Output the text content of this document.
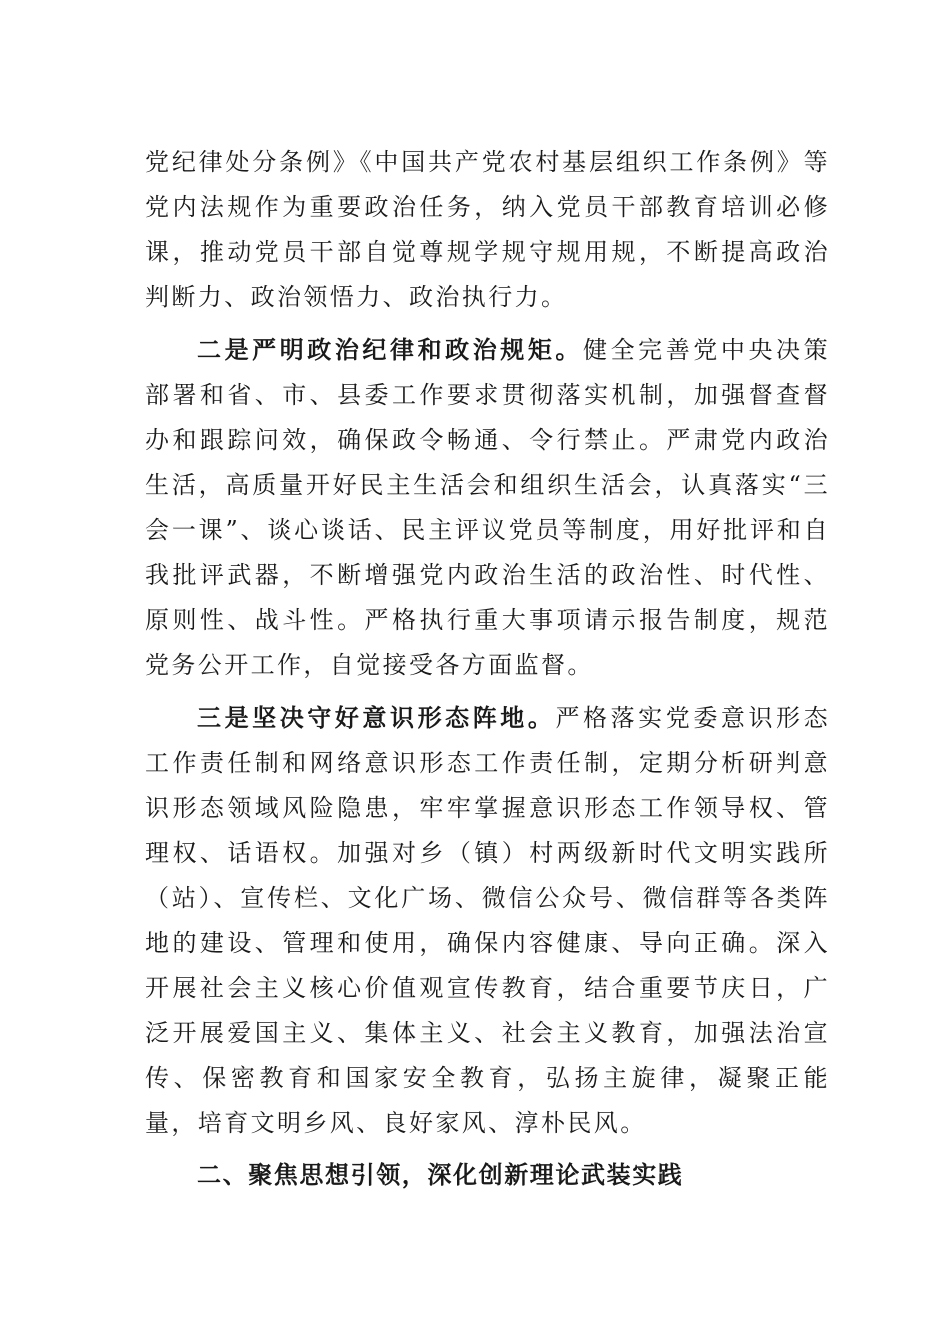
党纪律处分条例》《中国共产党农村基层组织工作条例》等党内法规作为重要政治任务，纳入党员干部教育培训必修课，推动党员干部自觉尊规学规守规用规，不断提高政治判断力、政治领悟力、政治执行力。

二是严明政治纪律和政治规矩。健全完善党中央决策部署和省、市、县委工作要求贯彻落实机制，加强督查督办和跟踪问效，确保政令畅通、令行禁止。严肃党内政治生活，高质量开好民主生活会和组织生活会，认真落实“三会一课”、谈心谈话、民主评议党员等制度，用好批评和自我批评武器，不断增强党内政治生活的政治性、时代性、原则性、战斗性。严格执行重大事项请示报告制度，规范党务公开工作，自觉接受各方面监督。

三是坚决守好意识形态阵地。严格落实党委意识形态工作责任制和网络意识形态工作责任制，定期分析研判意识形态领域风险隐患，牢牢掌握意识形态工作领导权、管理权、话语权。加强对乡（镇）村两级新时代文明实践所（站）、宣传栏、文化广场、微信公众号、微信群等各类阵地的建设、管理和使用，确保内容健康、导向正确。深入开展社会主义核心价值观宣传教育，结合重要节庆日，广泛开展爱国主义、集体主义、社会主义教育，加强法治宣传、保密教育和国家安全教育，弘扬主旋律，凝聚正能量，培育文明乡风、良好家风、淳朴民风。

二、聚焦思想引领，深化创新理论武装实践
